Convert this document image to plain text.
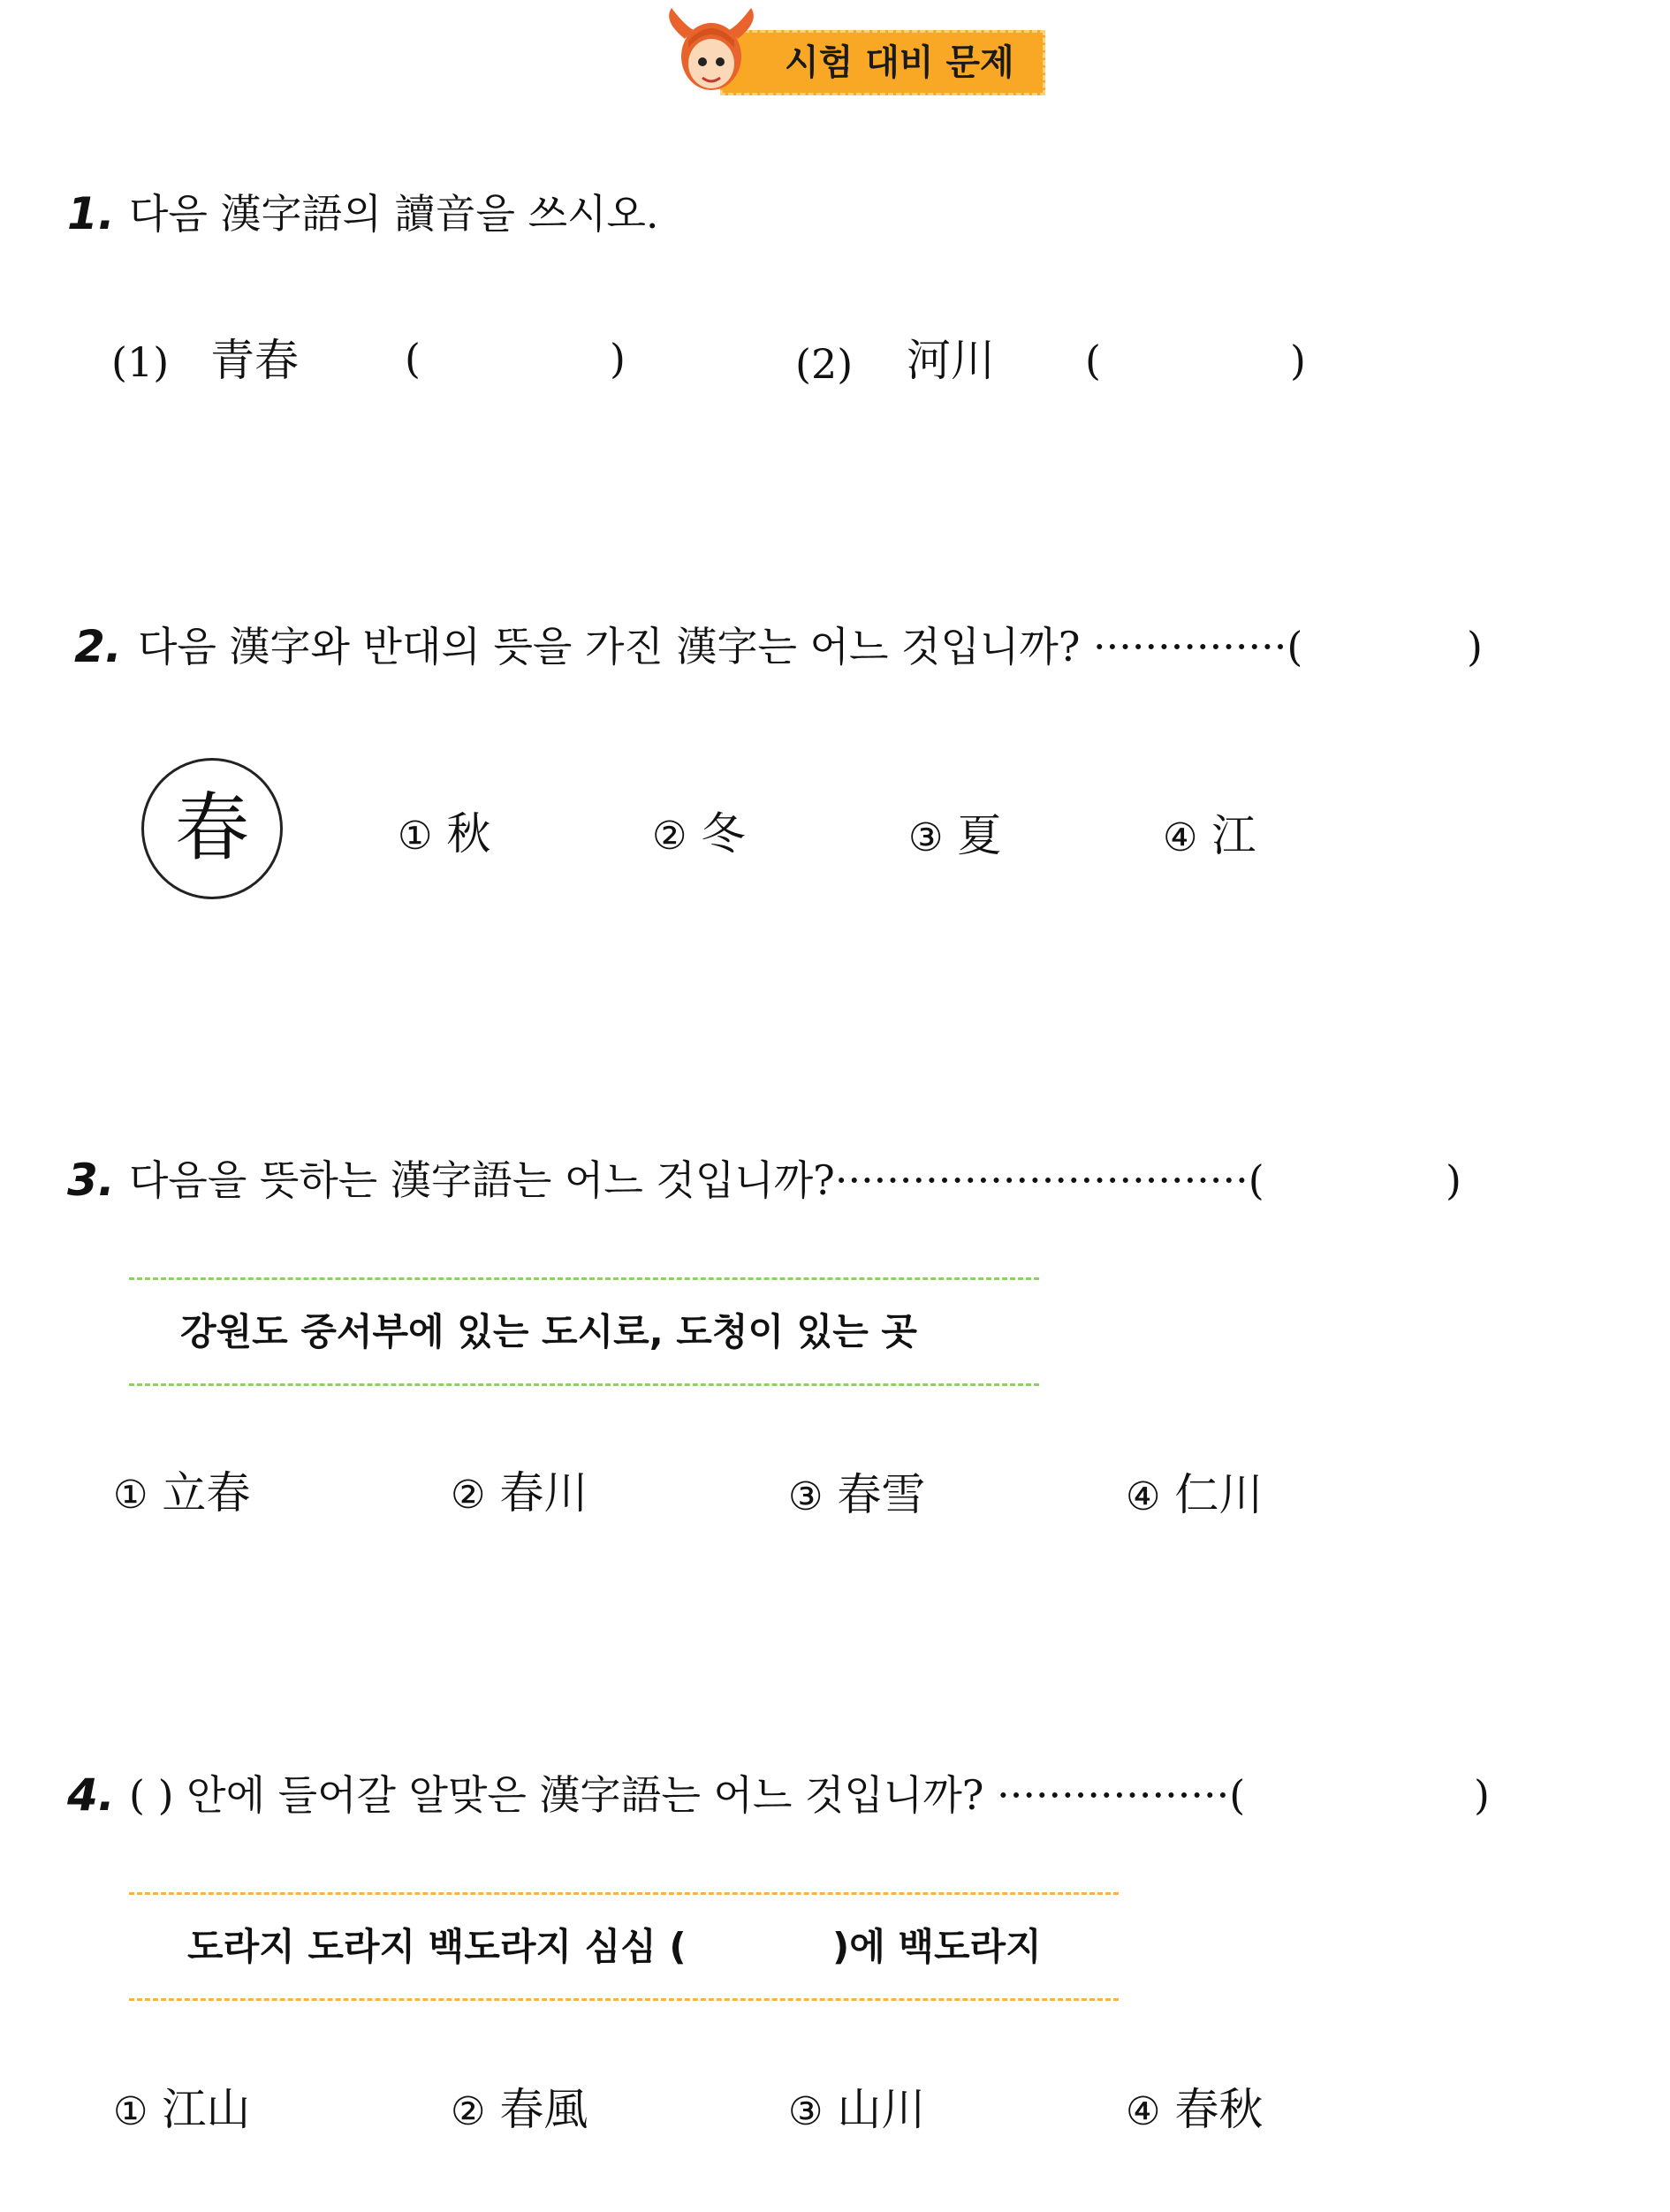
시험 대비 문제
1. 다음 漢字語의 讀音을 쓰시오.
(1) 青春	(	)	(2) 河川 (	)
2. 다음 漢字와 반대의 뜻을 가진 漢字는 어느 것입니까? ···············(	)
春	① 秋	② 冬	③ 夏	④ 江
3. 다음을 뜻하는 漢字語는 어느 것입니까?································(	)
강원도 중서부에 있는 도시로, 도청이 있는 곳
① 立春	② 春川	③ 春雪	④ 仁川
4. ( ) 안에 들어갈 알맞은 漢字語는 어느 것입니까? ··················(	)
도라지 도라지 백도라지 심심 (	)에 백도라지
① 江山	② 春風	③ 山川	④ 春秋
